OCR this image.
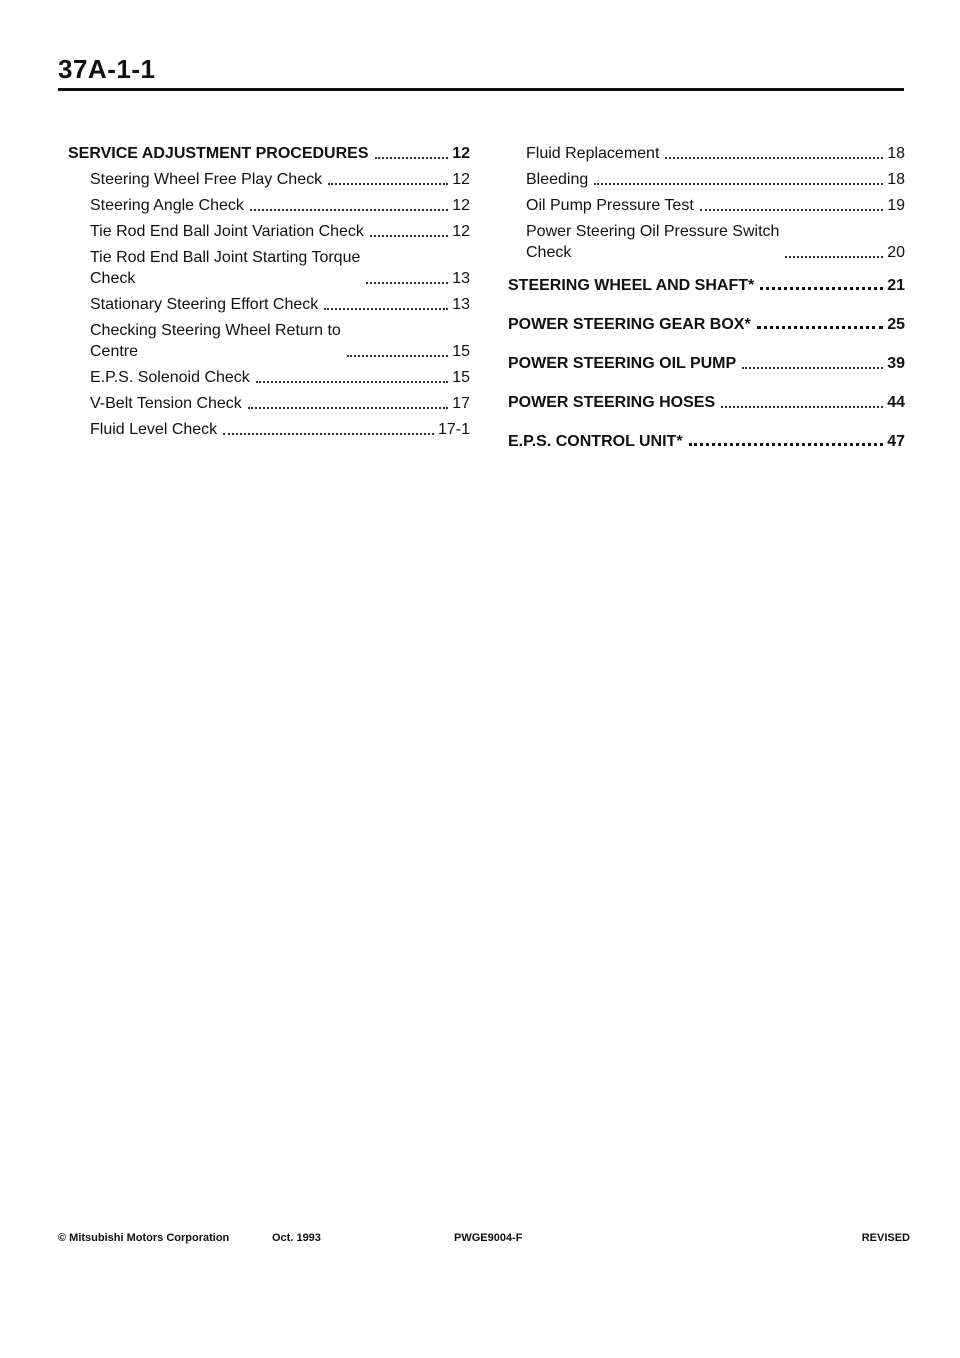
37A-1-1
SERVICE ADJUSTMENT PROCEDURES	12
Steering Wheel Free Play Check	12
Steering Angle Check	12
Tie Rod End Ball Joint Variation Check	12
Tie Rod End Ball Joint Starting Torque
Check	13
Stationary Steering Effort Check	13
Checking Steering Wheel Return to
Centre	15
E.P.S. Solenoid Check	15
V-Belt Tension Check	17
Fluid Level Check	17-1
Fluid Replacement	18
Bleeding	18
Oil Pump Pressure Test	19
Power Steering Oil Pressure Switch
Check	20
STEERING WHEEL AND SHAFT*	21
POWER STEERING GEAR BOX*	25
POWER STEERING OIL PUMP	39
POWER STEERING HOSES	44
E.P.S. CONTROL UNIT*	47
© Mitsubishi Motors Corporation	Oct. 1993	PWGE9004-F	REVISED
